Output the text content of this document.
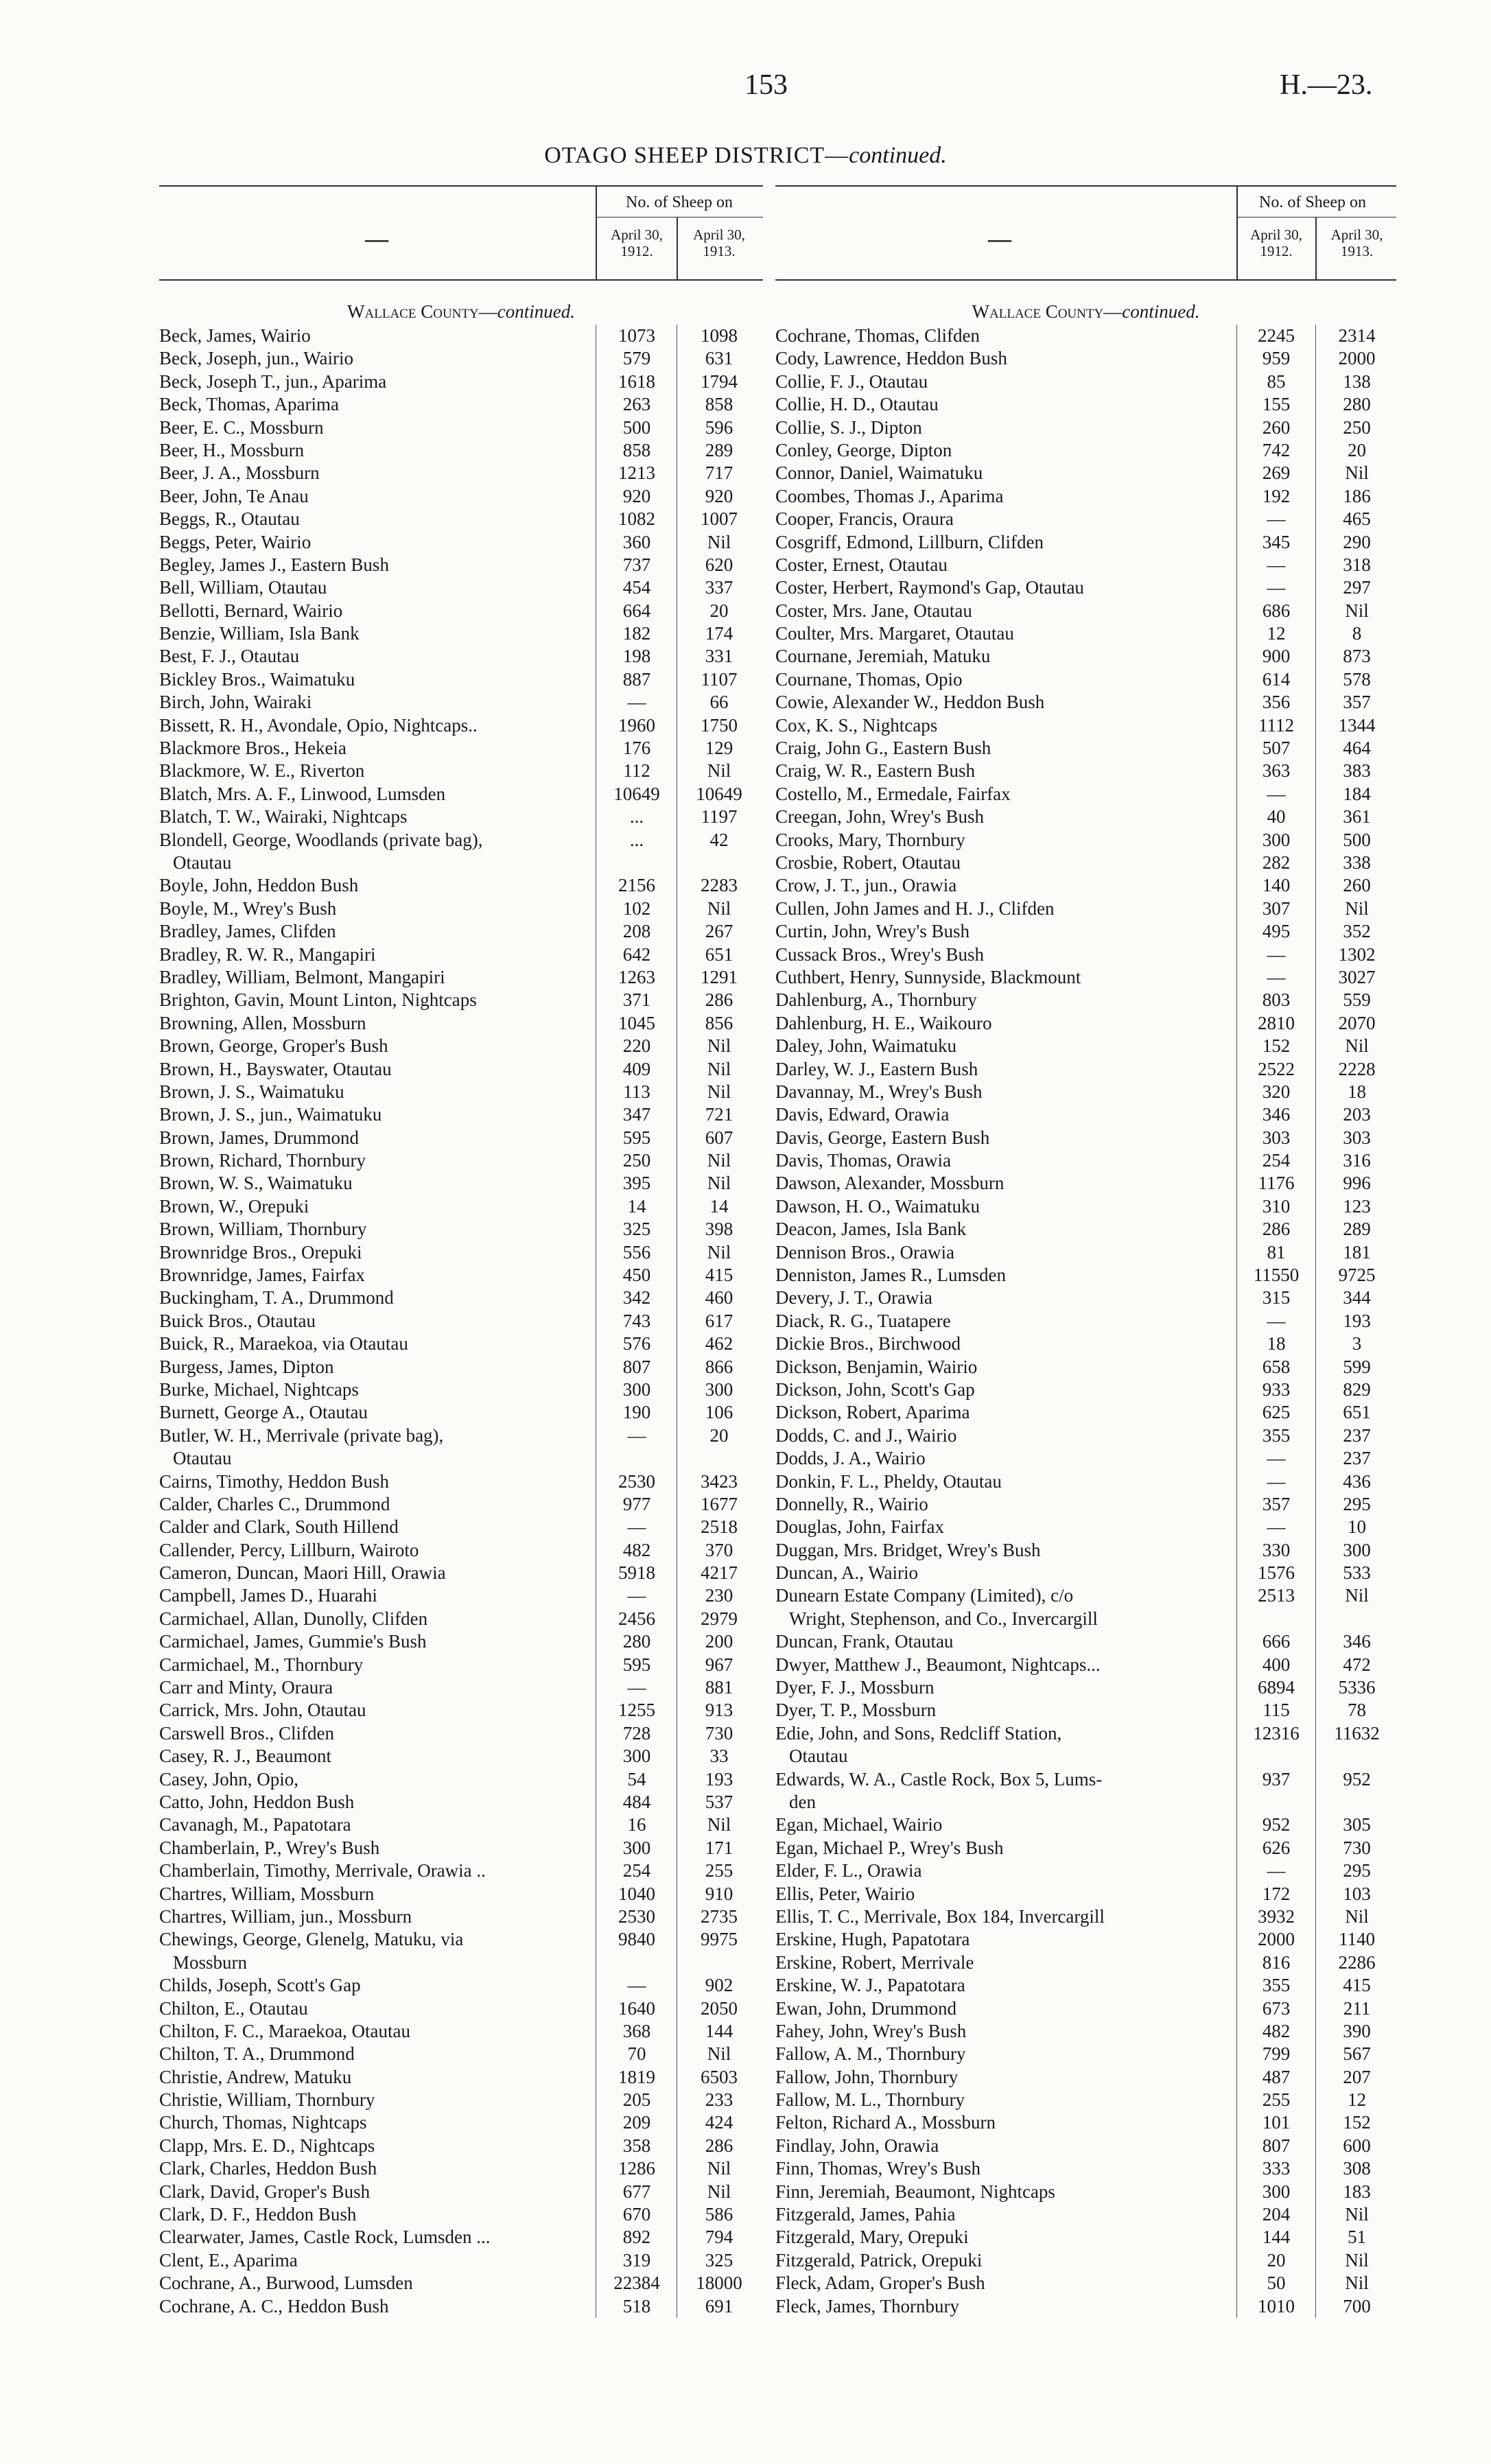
153	H.—23.
OTAGO SHEEP DISTRICT—continued.
—
No. of Sheep on
April 30, 1912.
April 30, 1913.
Wallace County—continued.
Beck, James, Wairio	1073	1098
Beck, Joseph, jun., Wairio	579	631
Beck, Joseph T., jun., Aparima	1618	1794
Beck, Thomas, Aparima	263	858
Beer, E. C., Mossburn	500	596
Beer, H., Mossburn	858	289
Beer, J. A., Mossburn	1213	717
Beer, John, Te Anau	920	920
Beggs, R., Otautau	1082	1007
Beggs, Peter, Wairio	360	Nil
Begley, James J., Eastern Bush	737	620
Bell, William, Otautau	454	337
Bellotti, Bernard, Wairio	664	20
Benzie, William, Isla Bank	182	174
Best, F. J., Otautau	198	331
Bickley Bros., Waimatuku	887	1107
Birch, John, Wairaki	—	66
Bissett, R. H., Avondale, Opio, Nightcaps..	1960	1750
Blackmore Bros., Hekeia	176	129
Blackmore, W. E., Riverton	112	Nil
Blatch, Mrs. A. F., Linwood, Lumsden	10649	10649
Blatch, T. W., Wairaki, Nightcaps	...	1197
Blondell, George, Woodlands (private bag),	...	42
Otautau
Boyle, John, Heddon Bush	2156	2283
Boyle, M., Wrey's Bush	102	Nil
Bradley, James, Clifden	208	267
Bradley, R. W. R., Mangapiri	642	651
Bradley, William, Belmont, Mangapiri	1263	1291
Brighton, Gavin, Mount Linton, Nightcaps	371	286
Browning, Allen, Mossburn	1045	856
Brown, George, Groper's Bush	220	Nil
Brown, H., Bayswater, Otautau	409	Nil
Brown, J. S., Waimatuku	113	Nil
Brown, J. S., jun., Waimatuku	347	721
Brown, James, Drummond	595	607
Brown, Richard, Thornbury	250	Nil
Brown, W. S., Waimatuku	395	Nil
Brown, W., Orepuki	14	14
Brown, William, Thornbury	325	398
Brownridge Bros., Orepuki	556	Nil
Brownridge, James, Fairfax	450	415
Buckingham, T. A., Drummond	342	460
Buick Bros., Otautau	743	617
Buick, R., Maraekoa, via Otautau	576	462
Burgess, James, Dipton	807	866
Burke, Michael, Nightcaps	300	300
Burnett, George A., Otautau	190	106
Butler, W. H., Merrivale (private bag),	—	20
Otautau
Cairns, Timothy, Heddon Bush	2530	3423
Calder, Charles C., Drummond	977	1677
Calder and Clark, South Hillend	—	2518
Callender, Percy, Lillburn, Wairoto	482	370
Cameron, Duncan, Maori Hill, Orawia	5918	4217
Campbell, James D., Huarahi	—	230
Carmichael, Allan, Dunolly, Clifden	2456	2979
Carmichael, James, Gummie's Bush	280	200
Carmichael, M., Thornbury	595	967
Carr and Minty, Oraura	—	881
Carrick, Mrs. John, Otautau	1255	913
Carswell Bros., Clifden	728	730
Casey, R. J., Beaumont	300	33
Casey, John, Opio,	54	193
Catto, John, Heddon Bush	484	537
Cavanagh, M., Papatotara	16	Nil
Chamberlain, P., Wrey's Bush	300	171
Chamberlain, Timothy, Merrivale, Orawia ..	254	255
Chartres, William, Mossburn	1040	910
Chartres, William, jun., Mossburn	2530	2735
Chewings, George, Glenelg, Matuku, via	9840	9975
Mossburn
Childs, Joseph, Scott's Gap	—	902
Chilton, E., Otautau	1640	2050
Chilton, F. C., Maraekoa, Otautau	368	144
Chilton, T. A., Drummond	70	Nil
Christie, Andrew, Matuku	1819	6503
Christie, William, Thornbury	205	233
Church, Thomas, Nightcaps	209	424
Clapp, Mrs. E. D., Nightcaps	358	286
Clark, Charles, Heddon Bush	1286	Nil
Clark, David, Groper's Bush	677	Nil
Clark, D. F., Heddon Bush	670	586
Clearwater, James, Castle Rock, Lumsden ...	892	794
Clent, E., Aparima	319	325
Cochrane, A., Burwood, Lumsden	22384	18000
Cochrane, A. C., Heddon Bush	518	691
—
No. of Sheep on
April 30, 1912.
April 30, 1913.
Wallace County—continued.
Cochrane, Thomas, Clifden	2245	2314
Cody, Lawrence, Heddon Bush	959	2000
Collie, F. J., Otautau	85	138
Collie, H. D., Otautau	155	280
Collie, S. J., Dipton	260	250
Conley, George, Dipton	742	20
Connor, Daniel, Waimatuku	269	Nil
Coombes, Thomas J., Aparima	192	186
Cooper, Francis, Oraura	—	465
Cosgriff, Edmond, Lillburn, Clifden	345	290
Coster, Ernest, Otautau	—	318
Coster, Herbert, Raymond's Gap, Otautau	—	297
Coster, Mrs. Jane, Otautau	686	Nil
Coulter, Mrs. Margaret, Otautau	12	8
Cournane, Jeremiah, Matuku	900	873
Cournane, Thomas, Opio	614	578
Cowie, Alexander W., Heddon Bush	356	357
Cox, K. S., Nightcaps	1112	1344
Craig, John G., Eastern Bush	507	464
Craig, W. R., Eastern Bush	363	383
Costello, M., Ermedale, Fairfax	—	184
Creegan, John, Wrey's Bush	40	361
Crooks, Mary, Thornbury	300	500
Crosbie, Robert, Otautau	282	338
Crow, J. T., jun., Orawia	140	260
Cullen, John James and H. J., Clifden	307	Nil
Curtin, John, Wrey's Bush	495	352
Cussack Bros., Wrey's Bush	—	1302
Cuthbert, Henry, Sunnyside, Blackmount	—	3027
Dahlenburg, A., Thornbury	803	559
Dahlenburg, H. E., Waikouro	2810	2070
Daley, John, Waimatuku	152	Nil
Darley, W. J., Eastern Bush	2522	2228
Davannay, M., Wrey's Bush	320	18
Davis, Edward, Orawia	346	203
Davis, George, Eastern Bush	303	303
Davis, Thomas, Orawia	254	316
Dawson, Alexander, Mossburn	1176	996
Dawson, H. O., Waimatuku	310	123
Deacon, James, Isla Bank	286	289
Dennison Bros., Orawia	81	181
Denniston, James R., Lumsden	11550	9725
Devery, J. T., Orawia	315	344
Diack, R. G., Tuatapere	—	193
Dickie Bros., Birchwood	18	3
Dickson, Benjamin, Wairio	658	599
Dickson, John, Scott's Gap	933	829
Dickson, Robert, Aparima	625	651
Dodds, C. and J., Wairio	355	237
Dodds, J. A., Wairio	—	237
Donkin, F. L., Pheldy, Otautau	—	436
Donnelly, R., Wairio	357	295
Douglas, John, Fairfax	—	10
Duggan, Mrs. Bridget, Wrey's Bush	330	300
Duncan, A., Wairio	1576	533
Dunearn Estate Company (Limited), c/o	2513	Nil
Wright, Stephenson, and Co., Invercargill
Duncan, Frank, Otautau	666	346
Dwyer, Matthew J., Beaumont, Nightcaps...	400	472
Dyer, F. J., Mossburn	6894	5336
Dyer, T. P., Mossburn	115	78
Edie, John, and Sons, Redcliff Station,	12316	11632
Otautau
Edwards, W. A., Castle Rock, Box 5, Lums-	937	952
den
Egan, Michael, Wairio	952	305
Egan, Michael P., Wrey's Bush	626	730
Elder, F. L., Orawia	—	295
Ellis, Peter, Wairio	172	103
Ellis, T. C., Merrivale, Box 184, Invercargill	3932	Nil
Erskine, Hugh, Papatotara	2000	1140
Erskine, Robert, Merrivale	816	2286
Erskine, W. J., Papatotara	355	415
Ewan, John, Drummond	673	211
Fahey, John, Wrey's Bush	482	390
Fallow, A. M., Thornbury	799	567
Fallow, John, Thornbury	487	207
Fallow, M. L., Thornbury	255	12
Felton, Richard A., Mossburn	101	152
Findlay, John, Orawia	807	600
Finn, Thomas, Wrey's Bush	333	308
Finn, Jeremiah, Beaumont, Nightcaps	300	183
Fitzgerald, James, Pahia	204	Nil
Fitzgerald, Mary, Orepuki	144	51
Fitzgerald, Patrick, Orepuki	20	Nil
Fleck, Adam, Groper's Bush	50	Nil
Fleck, James, Thornbury	1010	700
